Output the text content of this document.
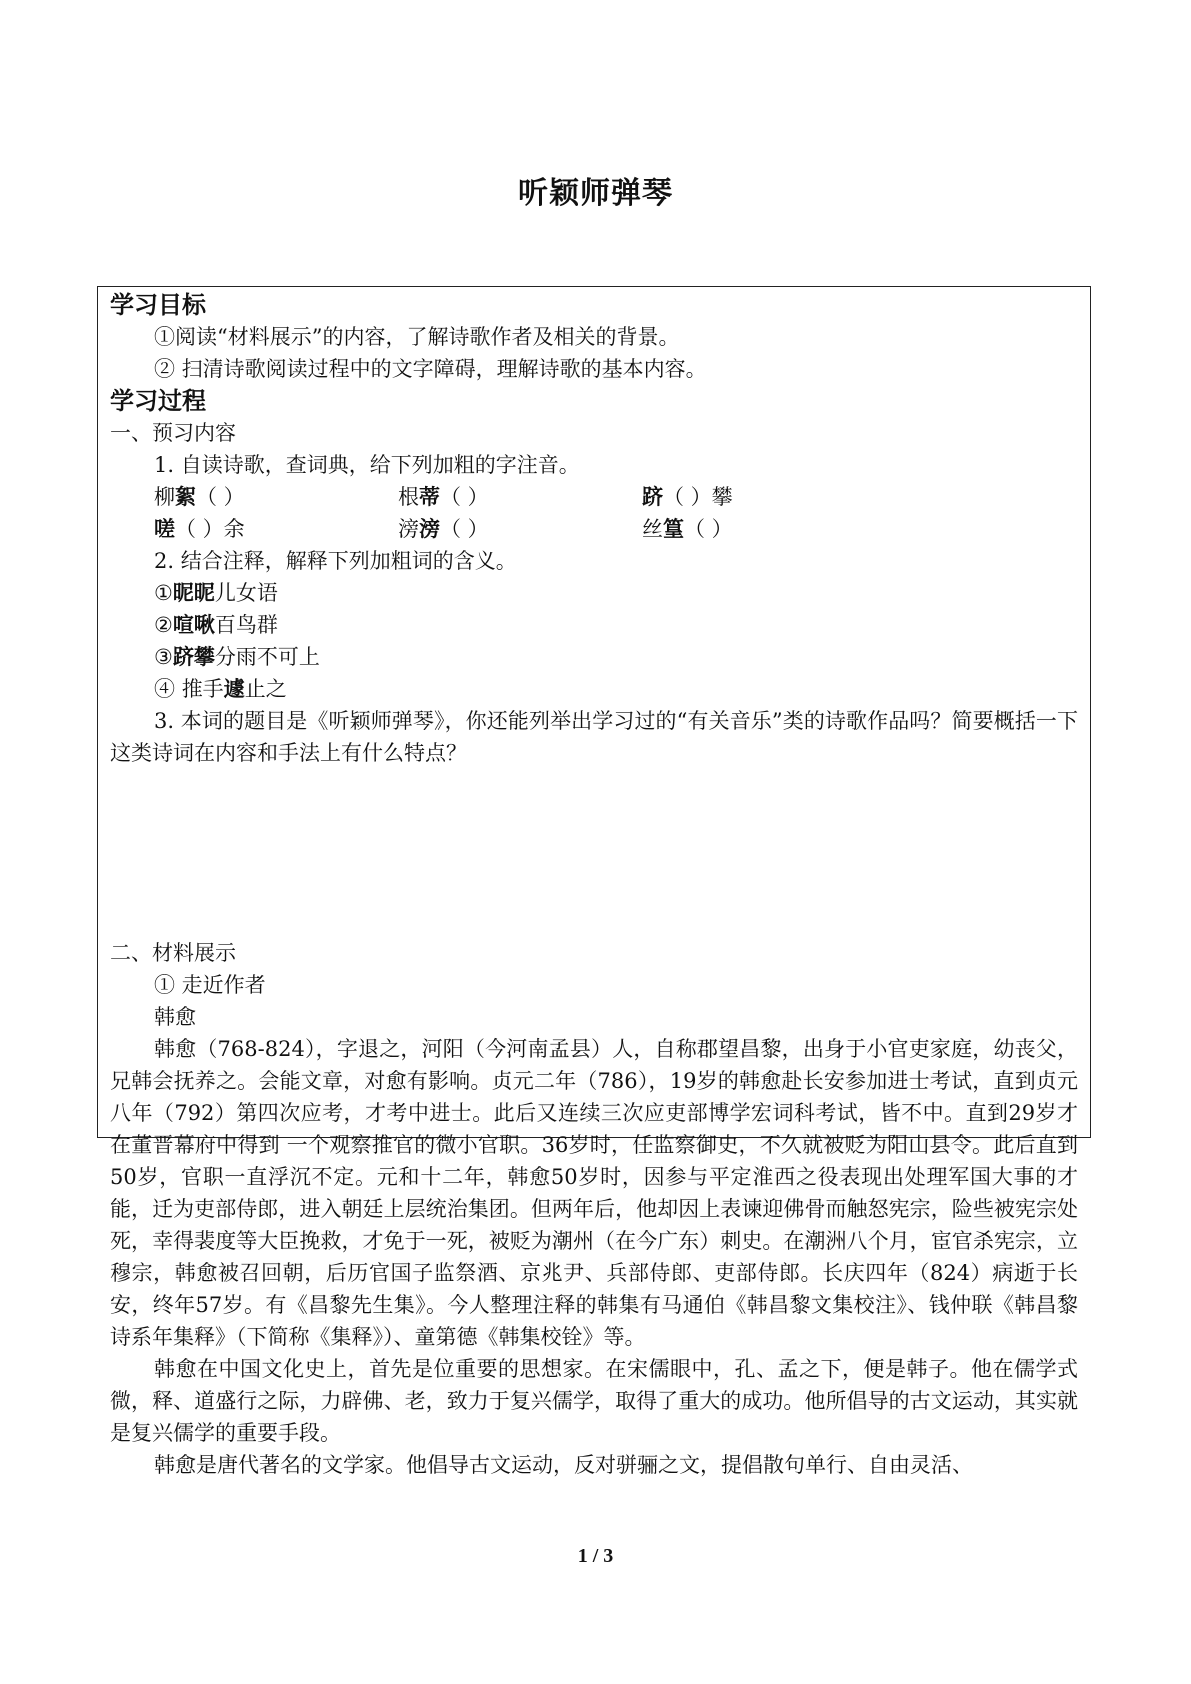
听颖师弹琴
学习目标
①阅读“材料展示”的内容，了解诗歌作者及相关的背景。
② 扫清诗歌阅读过程中的文字障碍，理解诗歌的基本内容。
学习过程
一、预习内容
1. 自读诗歌，查词典，给下列加粗的字注音。
柳絮（ ）	根蒂（ ）	跻（ ）攀
嗟（ ）余	滂滂（ ）	丝篁（ ）
2. 结合注释，解释下列加粗词的含义。
①昵昵儿女语
②喧啾百鸟群
③跻攀分雨不可上
④ 推手遽止之

3. 本词的题目是《听颖师弹琴》，你还能列举出学习过的“有关音乐”类的诗歌作品吗？简要概括一下这类诗词在内容和手法上有什么特点？

二、材料展示
① 走近作者
韩愈

韩愈（768-824），字退之，河阳（今河南孟县）人，自称郡望昌黎，出身于小官吏家庭，幼丧父，兄韩会抚养之。会能文章，对愈有影响。贞元二年（786），19岁的韩愈赴长安参加进士考试，直到贞元八年（792）第四次应考，才考中进士。此后又连续三次应吏部博学宏词科考试，皆不中。直到29岁才在董晋幕府中得到 一个观察推官的微小官职。36岁时，任监察御史，不久就被贬为阳山县令。此后直到50岁，官职一直浮沉不定。元和十二年，韩愈50岁时，因参与平定淮西之役表现出处理军国大事的才能，迁为吏部侍郎，进入朝廷上层统治集团。但两年后，他却因上表谏迎佛骨而触怒宪宗，险些被宪宗处死，幸得裴度等大臣挽救，才免于一死，被贬为潮州（在今广东）刺史。在潮洲八个月，宦官杀宪宗，立穆宗，韩愈被召回朝，后历官国子监祭酒、京兆尹、兵部侍郎、吏部侍郎。长庆四年（824）病逝于长安，终年57岁。有《昌黎先生集》。今人整理注释的韩集有马通伯《韩昌黎文集校注》、钱仲联《韩昌黎诗系年集释》（下简称《集释》）、童第德《韩集校铨》等。

韩愈在中国文化史上，首先是位重要的思想家。在宋儒眼中，孔、孟之下，便是韩子。他在儒学式微，释、道盛行之际，力辟佛、老，致力于复兴儒学，取得了重大的成功。他所倡导的古文运动，其实就是复兴儒学的重要手段。

韩愈是唐代著名的文学家。他倡导古文运动，反对骈骊之文，提倡散句单行、自由灵活、

1 / 3
